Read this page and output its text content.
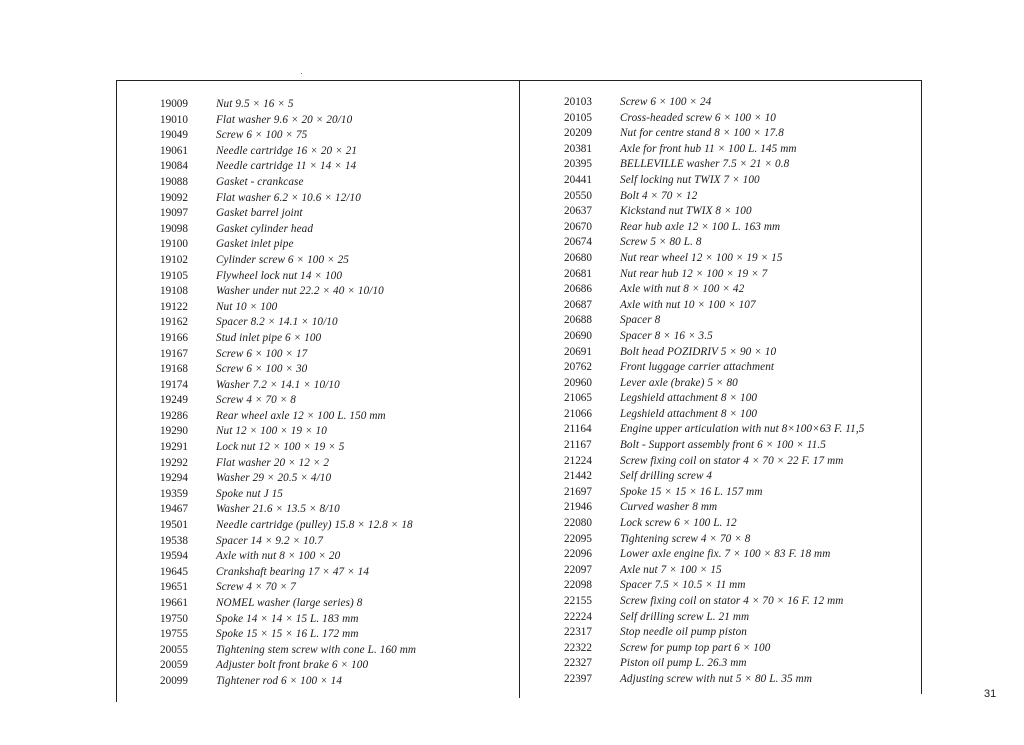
19009	Nut 9.5 × 16 × 5
19010	Flat washer 9.6 × 20 × 20/10
19049	Screw 6 × 100 × 75
19061	Needle cartridge 16 × 20 × 21
19084	Needle cartridge 11 × 14 × 14
19088	Gasket - crankcase
19092	Flat washer 6.2 × 10.6 × 12/10
19097	Gasket barrel joint
19098	Gasket cylinder head
19100	Gasket inlet pipe
19102	Cylinder screw 6 × 100 × 25
19105	Flywheel lock nut 14 × 100
19108	Washer under nut 22.2 × 40 × 10/10
19122	Nut 10 × 100
19162	Spacer 8.2 × 14.1 × 10/10
19166	Stud inlet pipe 6 × 100
19167	Screw 6 × 100 × 17
19168	Screw 6 × 100 × 30
19174	Washer 7.2 × 14.1 × 10/10
19249	Screw 4 × 70 × 8
19286	Rear wheel axle 12 × 100 L. 150 mm
19290	Nut 12 × 100 × 19 × 10
19291	Lock nut 12 × 100 × 19 × 5
19292	Flat washer 20 × 12 × 2
19294	Washer 29 × 20.5 × 4/10
19359	Spoke nut J 15
19467	Washer 21.6 × 13.5 × 8/10
19501	Needle cartridge (pulley) 15.8 × 12.8 × 18
19538	Spacer 14 × 9.2 × 10.7
19594	Axle with nut 8 × 100 × 20
19645	Crankshaft bearing 17 × 47 × 14
19651	Screw 4 × 70 × 7
19661	NOMEL washer (large series) 8
19750	Spoke 14 × 14 × 15 L. 183 mm
19755	Spoke 15 × 15 × 16 L. 172 mm
20055	Tightening stem screw with cone L. 160 mm
20059	Adjuster bolt front brake 6 × 100
20099	Tightener rod 6 × 100 × 14
20103	Screw 6 × 100 × 24
20105	Cross-headed screw 6 × 100 × 10
20209	Nut for centre stand 8 × 100 × 17.8
20381	Axle for front hub 11 × 100 L. 145 mm
20395	BELLEVILLE washer 7.5 × 21 × 0.8
20441	Self locking nut TWIX 7 × 100
20550	Bolt 4 × 70 × 12
20637	Kickstand nut TWIX 8 × 100
20670	Rear hub axle 12 × 100 L. 163 mm
20674	Screw 5 × 80 L. 8
20680	Nut rear wheel 12 × 100 × 19 × 15
20681	Nut rear hub 12 × 100 × 19 × 7
20686	Axle with nut 8 × 100 × 42
20687	Axle with nut 10 × 100 × 107
20688	Spacer 8
20690	Spacer 8 × 16 × 3.5
20691	Bolt head POZIDRIV 5 × 90 × 10
20762	Front luggage carrier attachment
20960	Lever axle (brake) 5 × 80
21065	Legshield attachment 8 × 100
21066	Legshield attachment 8 × 100
21164	Engine upper articulation with nut 8×100×63 F. 11,5
21167	Bolt - Support assembly front 6 × 100 × 11.5
21224	Screw fixing coil on stator 4 × 70 × 22 F. 17 mm
21442	Self drilling screw 4
21697	Spoke 15 × 15 × 16 L. 157 mm
21946	Curved washer 8 mm
22080	Lock screw 6 × 100 L. 12
22095	Tightening screw 4 × 70 × 8
22096	Lower axle engine fix. 7 × 100 × 83 F. 18 mm
22097	Axle nut 7 × 100 × 15
22098	Spacer 7.5 × 10.5 × 11 mm
22155	Screw fixing coil on stator 4 × 70 × 16 F. 12 mm
22224	Self drilling screw L. 21 mm
22317	Stop needle oil pump piston
22322	Screw for pump top part 6 × 100
22327	Piston oil pump L. 26.3 mm
22397	Adjusting screw with nut 5 × 80 L. 35 mm
31
